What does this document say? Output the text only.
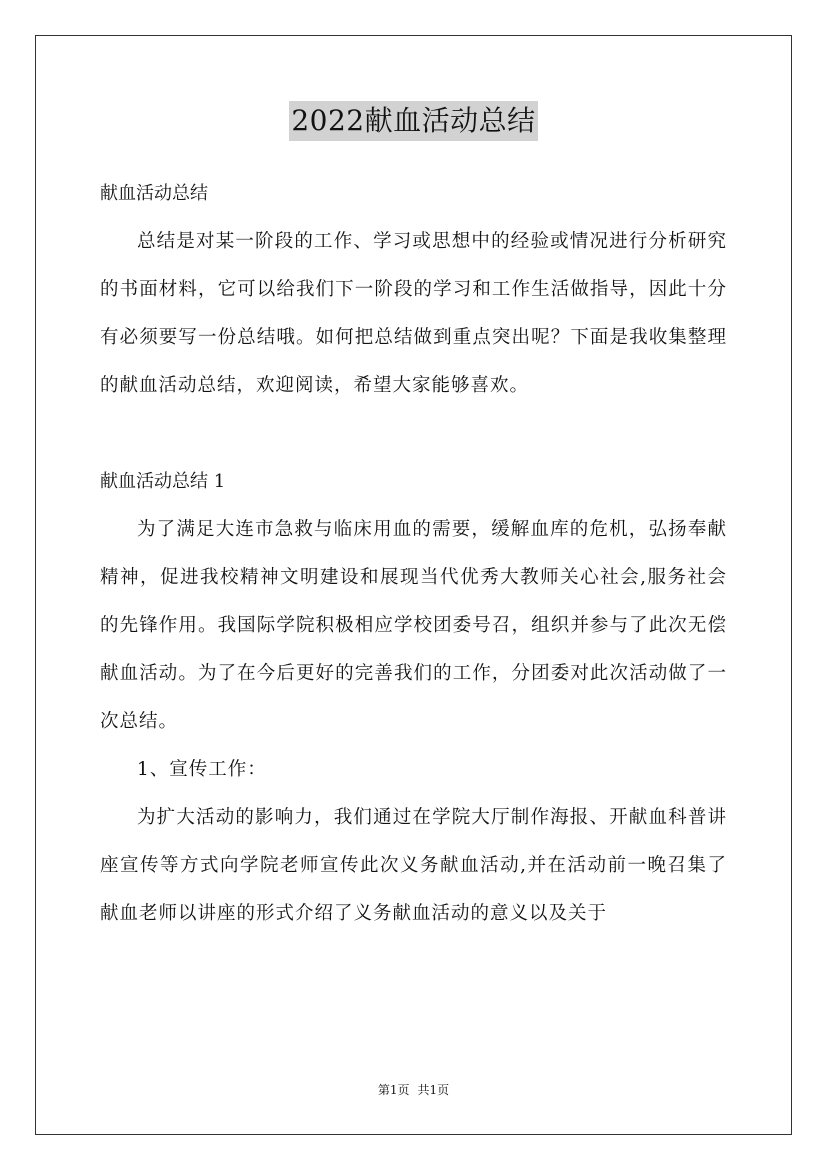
2022献血活动总结

献血活动总结

总结是对某一阶段的工作、学习或思想中的经验或情况进行分析研究的书面材料，它可以给我们下一阶段的学习和工作生活做指导，因此十分有必须要写一份总结哦。如何把总结做到重点突出呢？下面是我收集整理的献血活动总结，欢迎阅读，希望大家能够喜欢。

献血活动总结 1

为了满足大连市急救与临床用血的需要，缓解血库的危机，弘扬奉献精神，促进我校精神文明建设和展现当代优秀大教师关心社会,服务社会的先锋作用。我国际学院积极相应学校团委号召，组织并参与了此次无偿献血活动。为了在今后更好的完善我们的工作，分团委对此次活动做了一次总结。

1、宣传工作：

为扩大活动的影响力，我们通过在学院大厅制作海报、开献血科普讲座宣传等方式向学院老师宣传此次义务献血活动,并在活动前一晚召集了献血老师以讲座的形式介绍了义务献血活动的意义以及关于

第1页 共1页
